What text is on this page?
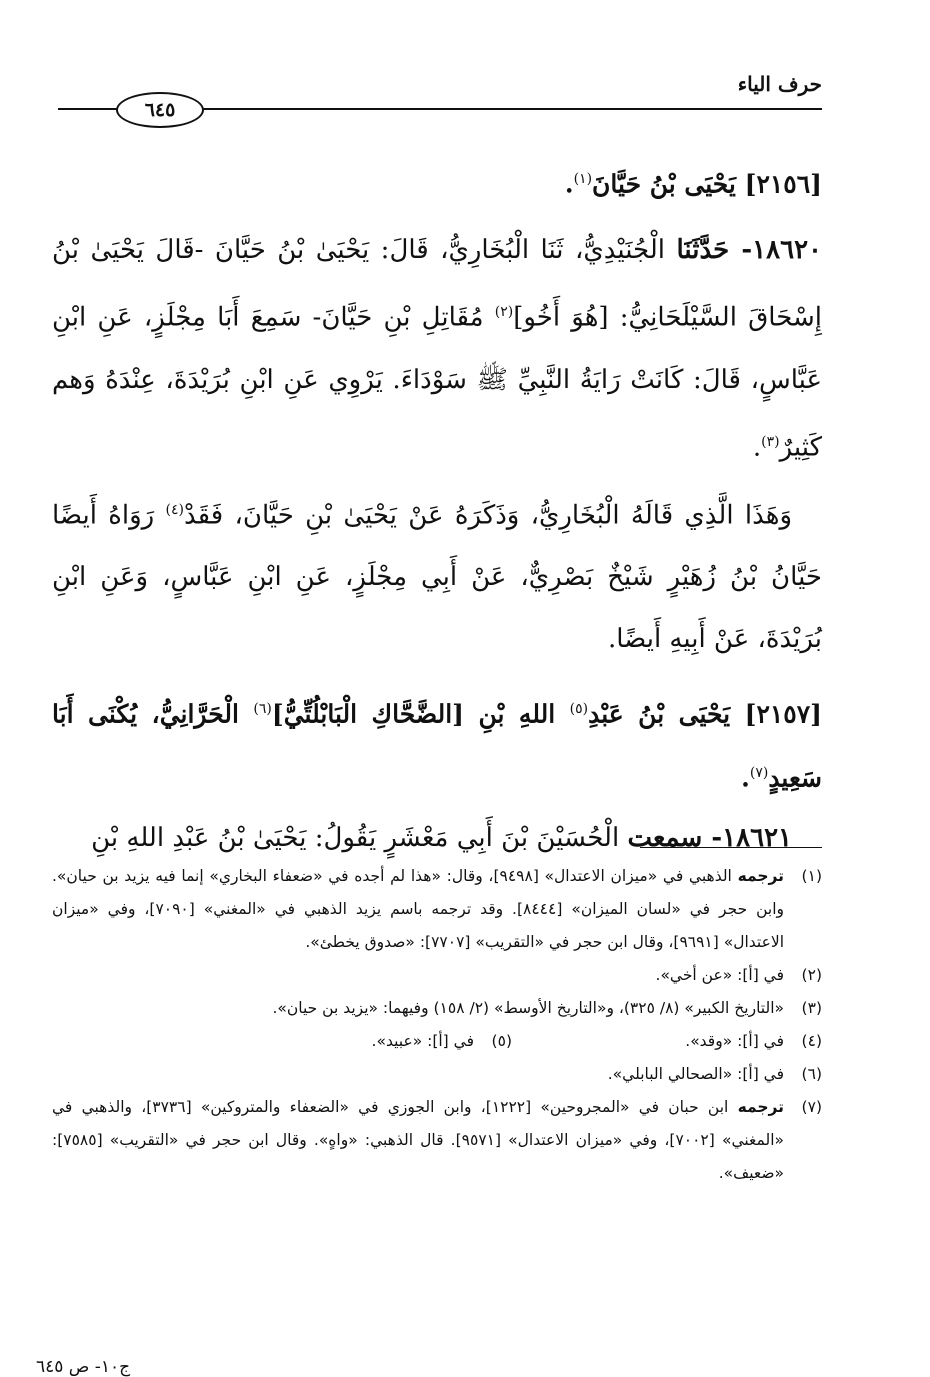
حرف الياء
٦٤٥

[٢١٥٦] يَحْيَى بْنُ حَيَّانَ$^{(١)}$.

١٨٦٢٠- حَدَّثَنَا الْجُنَيْدِيُّ، ثَنَا الْبُخَارِيُّ، قَالَ: يَحْيَىٰ بْنُ حَيَّانَ -قَالَ يَحْيَىٰ بْنُ إِسْحَاقَ السَّيْلَحَانِيُّ: [هُوَ أَخُو]$^{(٢)}$ مُقَاتِلِ بْنِ حَيَّانَ- سَمِعَ أَبَا مِجْلَزٍ، عَنِ ابْنِ عَبَّاسٍ، قَالَ: كَانَتْ رَايَةُ النَّبِيِّ ﷺ سَوْدَاءَ. يَرْوِي عَنِ ابْنِ بُرَيْدَةَ، عِنْدَهُ وَهم كَثِيرٌ$^{(٣)}$.

وَهَذَا الَّذِي قَالَهُ الْبُخَارِيُّ، وَذَكَرَهُ عَنْ يَحْيَىٰ بْنِ حَيَّانَ، فَقَدْ$^{(٤)}$ رَوَاهُ أَيضًا حَيَّانُ بْنُ زُهَيْرٍ شَيْخٌ بَصْرِيٌّ، عَنْ أَبِي مِجْلَزٍ، عَنِ ابْنِ عَبَّاسٍ، وَعَنِ ابْنِ بُرَيْدَةَ، عَنْ أَبِيهِ أَيضًا.

[٢١٥٧] يَحْيَى بْنُ عَبْدِ$^{(٥)}$ اللهِ بْنِ [الضَّحَّاكِ الْبَابْلُتِّيُّ]$^{(٦)}$ الْحَرَّانِيُّ، يُكْنَى أَبَا سَعِيدٍ$^{(٧)}$.

١٨٦٢١- سمعت الْحُسَيْنَ بْنَ أَبِي مَعْشَرٍ يَقُولُ: يَحْيَىٰ بْنُ عَبْدِ اللهِ بْنِ

(١)
ترجمه الذهبي في «ميزان الاعتدال» [٩٤٩٨]، وقال: «هذا لم أجده في «ضعفاء البخاري» إنما فيه يزيد بن حيان». وابن حجر في «لسان الميزان» [٨٤٤٤]. وقد ترجمه باسم يزيد الذهبي في «المغني» [٧٠٩٠]، وفي «ميزان الاعتدال» [٩٦٩١]، وقال ابن حجر في «التقريب» [٧٧٠٧]: «صدوق يخطئ».
(٢)
في [أ]: «عن أخي».
(٣)
«التاريخ الكبير» (٨/ ٣٢٥)، و«التاريخ الأوسط» (٢/ ١٥٨) وفيهما: «يزيد بن حيان».
(٤)
في [أ]: «وقد».
(٥)
في [أ]: «عبيد».
(٦)
في [أ]: «الصحالي البابلي».
(٧)
ترجمه ابن حبان في «المجروحين» [١٢٢٢]، وابن الجوزي في «الضعفاء والمتروكين» [٣٧٣٦]، والذهبي في «المغني» [٧٠٠٢]، وفي «ميزان الاعتدال» [٩٥٧١]. قال الذهبي: «واهٍ». وقال ابن حجر في «التقريب» [٧٥٨٥]: «ضعيف».
ج١٠- ص ٦٤٥
